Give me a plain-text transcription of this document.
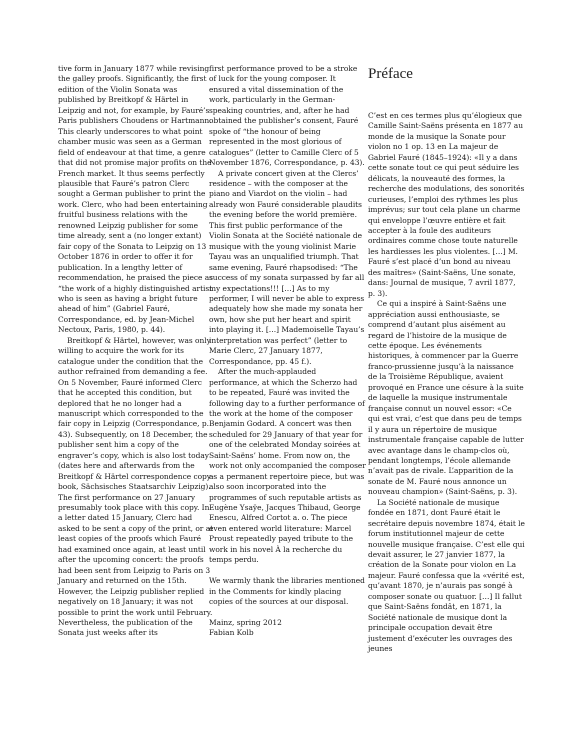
tive form in January 1877 while revising the galley proofs. Significantly, the first edition of the Violin Sonata was published by Breitkopf & Härtel in Leipzig and not, for example, by Fauré’s Paris publishers Choudens or Hartmann. This clearly underscores to what point chamber music was seen as a German field of endeavour at that time, a genre that did not promise major profits on the French market. It thus seems perfectly plausible that Fauré’s patron Clerc sought a German publisher to print the work. Clerc, who had been entertaining fruitful business relations with the renowned Leipzig publisher for some time already, sent a (no longer extant) fair copy of the Sonata to Leipzig on 13 October 1876 in order to offer it for publication. In a lengthy letter of recommendation, he praised the piece as “the work of a highly distinguished artist who is seen as having a bright future ahead of him” (Gabriel Fauré, Correspondance, ed. by Jean-Michel Nectoux, Paris, 1980, p. 44).

Breitkopf & Härtel, however, was only willing to acquire the work for its catalogue under the condition that the author refrained from demanding a fee. On 5 November, Fauré informed Clerc that he accepted this condition, but deplored that he no longer had a manuscript which corresponded to the fair copy in Leipzig (Correspondance, p. 43). Subsequently, on 18 December, the publisher sent him a copy of the engraver’s copy, which is also lost today (dates here and afterwards from the Breitkopf & Härtel correspondence copy-book, Sächsisches Staatsarchiv Leipzig). The first performance on 27 January presumably took place with this copy. In a letter dated 15 January, Clerc had asked to be sent a copy of the print, or at least copies of the proofs which Fauré had examined once again, at least until after the upcoming concert: the proofs had been sent from Leipzig to Paris on 3 January and returned on the 15th. However, the Leipzig publisher replied negatively on 18 January; it was not possible to print the work until February. Nevertheless, the publication of the Sonata just weeks after its

first performance proved to be a stroke of luck for the young composer. It ensured a vital dissemination of the work, particularly in the German-speaking countries, and, after he had obtained the publisher’s consent, Fauré spoke of “the honour of being represented in the most glorious of catalogues” (letter to Camille Clerc of 5 November 1876, Correspondance, p. 43).

A private concert given at the Clercs’ residence – with the composer at the piano and Viardot on the violin – had already won Fauré considerable plaudits the evening before the world première. This first public performance of the Violin Sonata at the Société nationale de musique with the young violinist Marie Tayau was an unqualified triumph. That same evening, Fauré rhapsodised: “The success of my sonata surpassed by far all my expectations!!! […] As to my performer, I will never be able to express adequately how she made my sonata her own, how she put her heart and spirit into playing it. […] Mademoiselle Tayau’s interpretation was perfect” (letter to Marie Clerc, 27 January 1877, Correspondance, pp. 45 f.).

After the much-applauded performance, at which the Scherzo had to be repeated, Fauré was invited the following day to a further performance of the work at the home of the composer Benjamin Godard. A concert was then scheduled for 29 January of that year for one of the celebrated Monday soirées at Saint-Saëns’ home. From now on, the work not only accompanied the composer as a permanent repertoire piece, but was also soon incorporated into the programmes of such reputable artists as Eugène Ysaÿe, Jacques Thibaud, George Enescu, Alfred Cortot a. o. The piece even entered world literature: Marcel Proust repeatedly payed tribute to the work in his novel À la recherche du temps perdu.

We warmly thank the libraries mentioned in the Comments for kindly placing copies of the sources at our disposal.

Mainz, spring 2012

Fabian Kolb

Préface

C’est en ces termes plus qu’élogieux que Camille Saint-Saëns présenta en 1877 au monde de la musique la Sonate pour violon no 1 op. 13 en La majeur de Gabriel Fauré (1845–1924): «Il y a dans cette sonate tout ce qui peut séduire les délicats, la nouveauté des formes, la recherche des modulations, des sonorités curieuses, l’emploi des rythmes les plus imprévus; sur tout cela plane un charme qui enveloppe l’œuvre entière et fait accepter à la foule des auditeurs ordinaires comme chose toute naturelle les hardiesses les plus violentes. […] M. Fauré s’est placé d’un bond au niveau des maîtres» (Saint-Saëns, Une sonate, dans: Journal de musique, 7 avril 1877, p. 3).

Ce qui a inspiré à Saint-Saëns une appréciation aussi enthousiaste, se comprend d’autant plus aisément au regard de l’histoire de la musique de cette époque. Les événements historiques, à commencer par la Guerre franco-prussienne jusqu’à la naissance de la Troisième République, avaient provoqué en France une césure à la suite de laquelle la musique instrumentale française connut un nouvel essor: «Ce qui est vrai, c’est que dans peu de temps il y aura un répertoire de musique instrumentale française capable de lutter avec avantage dans le champ-clos où, pendant longtemps, l’école allemande n’avait pas de rivale. L’apparition de la sonate de M. Fauré nous annonce un nouveau champion» (Saint-Saëns, p. 3).

La Société nationale de musique fondée en 1871, dont Fauré était le secrétaire depuis novembre 1874, était le forum institutionnel majeur de cette nouvelle musique française. C’est elle qui devait assurer, le 27 janvier 1877, la création de la Sonate pour violon en La majeur. Fauré confessa que la «vérité est, qu’avant 1870, je n’aurais pas songé à composer sonate ou quatuor. […] Il fallut que Saint-Saëns fondât, en 1871, la Société nationale de musique dont la principale occupation devait être justement d’exécuter les ouvrages des jeunes
